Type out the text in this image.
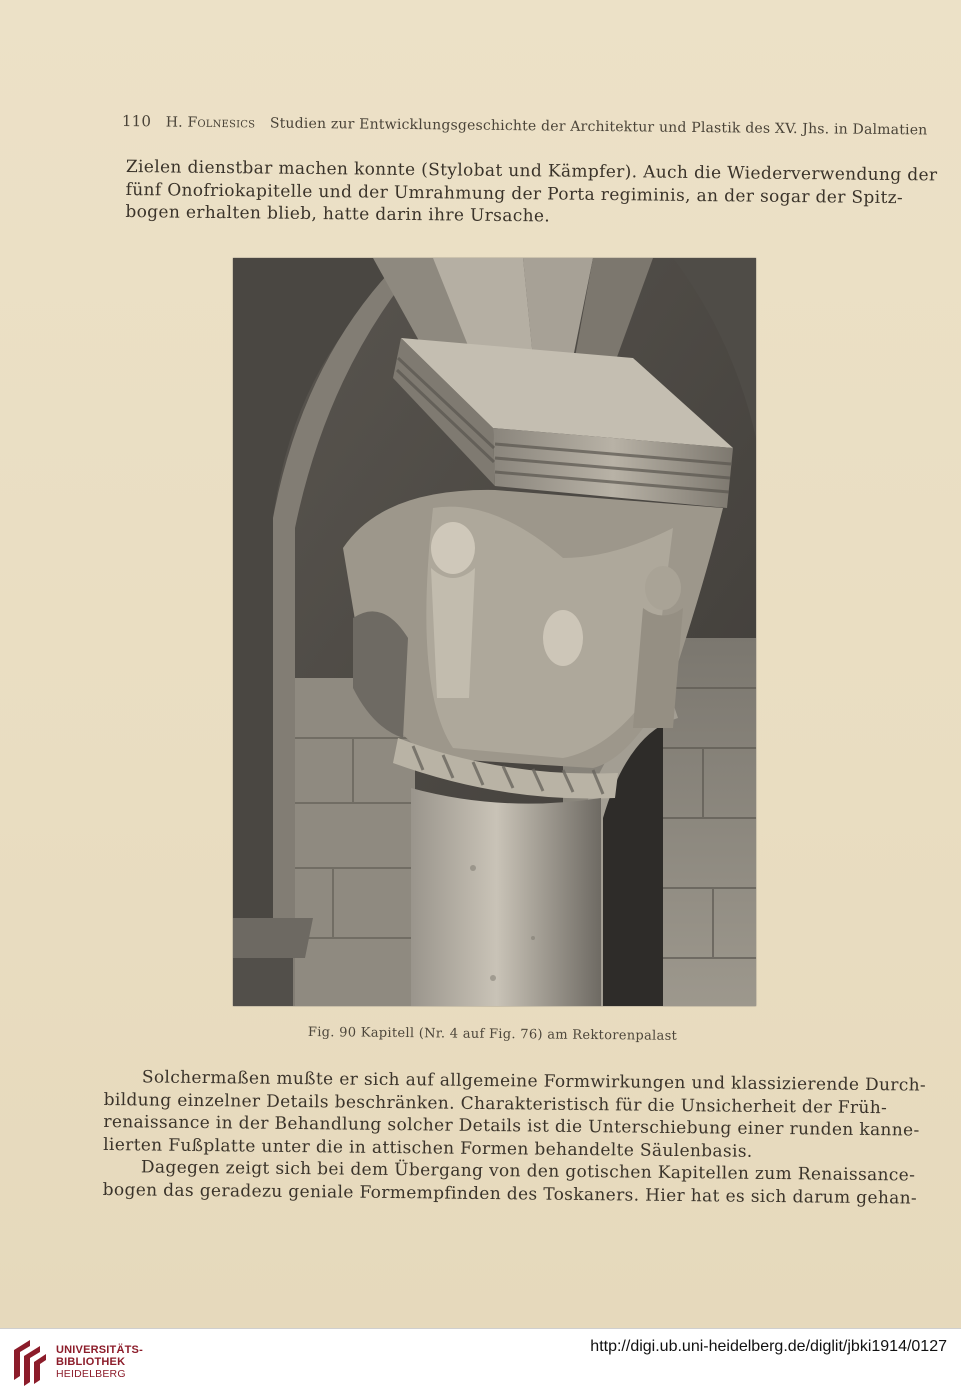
110 H. Folnesics Studien zur Entwicklungsgeschichte der Architektur und Plastik des XV. Jhs. in Dalmatien
Zielen dienstbar machen konnte (Stylobat und Kämpfer). Auch die Wiederverwendung der
fünf Onofriokapitelle und der Umrahmung der Porta regiminis, an der sogar der Spitz-
bogen erhalten blieb, hatte darin ihre Ursache.
Fig. 90 Kapitell (Nr. 4 auf Fig. 76) am Rektorenpalast
Solchermaßen mußte er sich auf allgemeine Formwirkungen und klassizierende Durch-
bildung einzelner Details beschränken. Charakteristisch für die Unsicherheit der Früh-
renaissance in der Behandlung solcher Details ist die Unterschiebung einer runden kanne-
lierten Fußplatte unter die in attischen Formen behandelte Säulenbasis.
Dagegen zeigt sich bei dem Übergang von den gotischen Kapitellen zum Renaissance-
bogen das geradezu geniale Formempfinden des Toskaners. Hier hat es sich darum gehan-
UNIVERSITÄTS-
BIBLIOTHEK
HEIDELBERG
http://digi.ub.uni-heidelberg.de/diglit/jbki1914/0127
